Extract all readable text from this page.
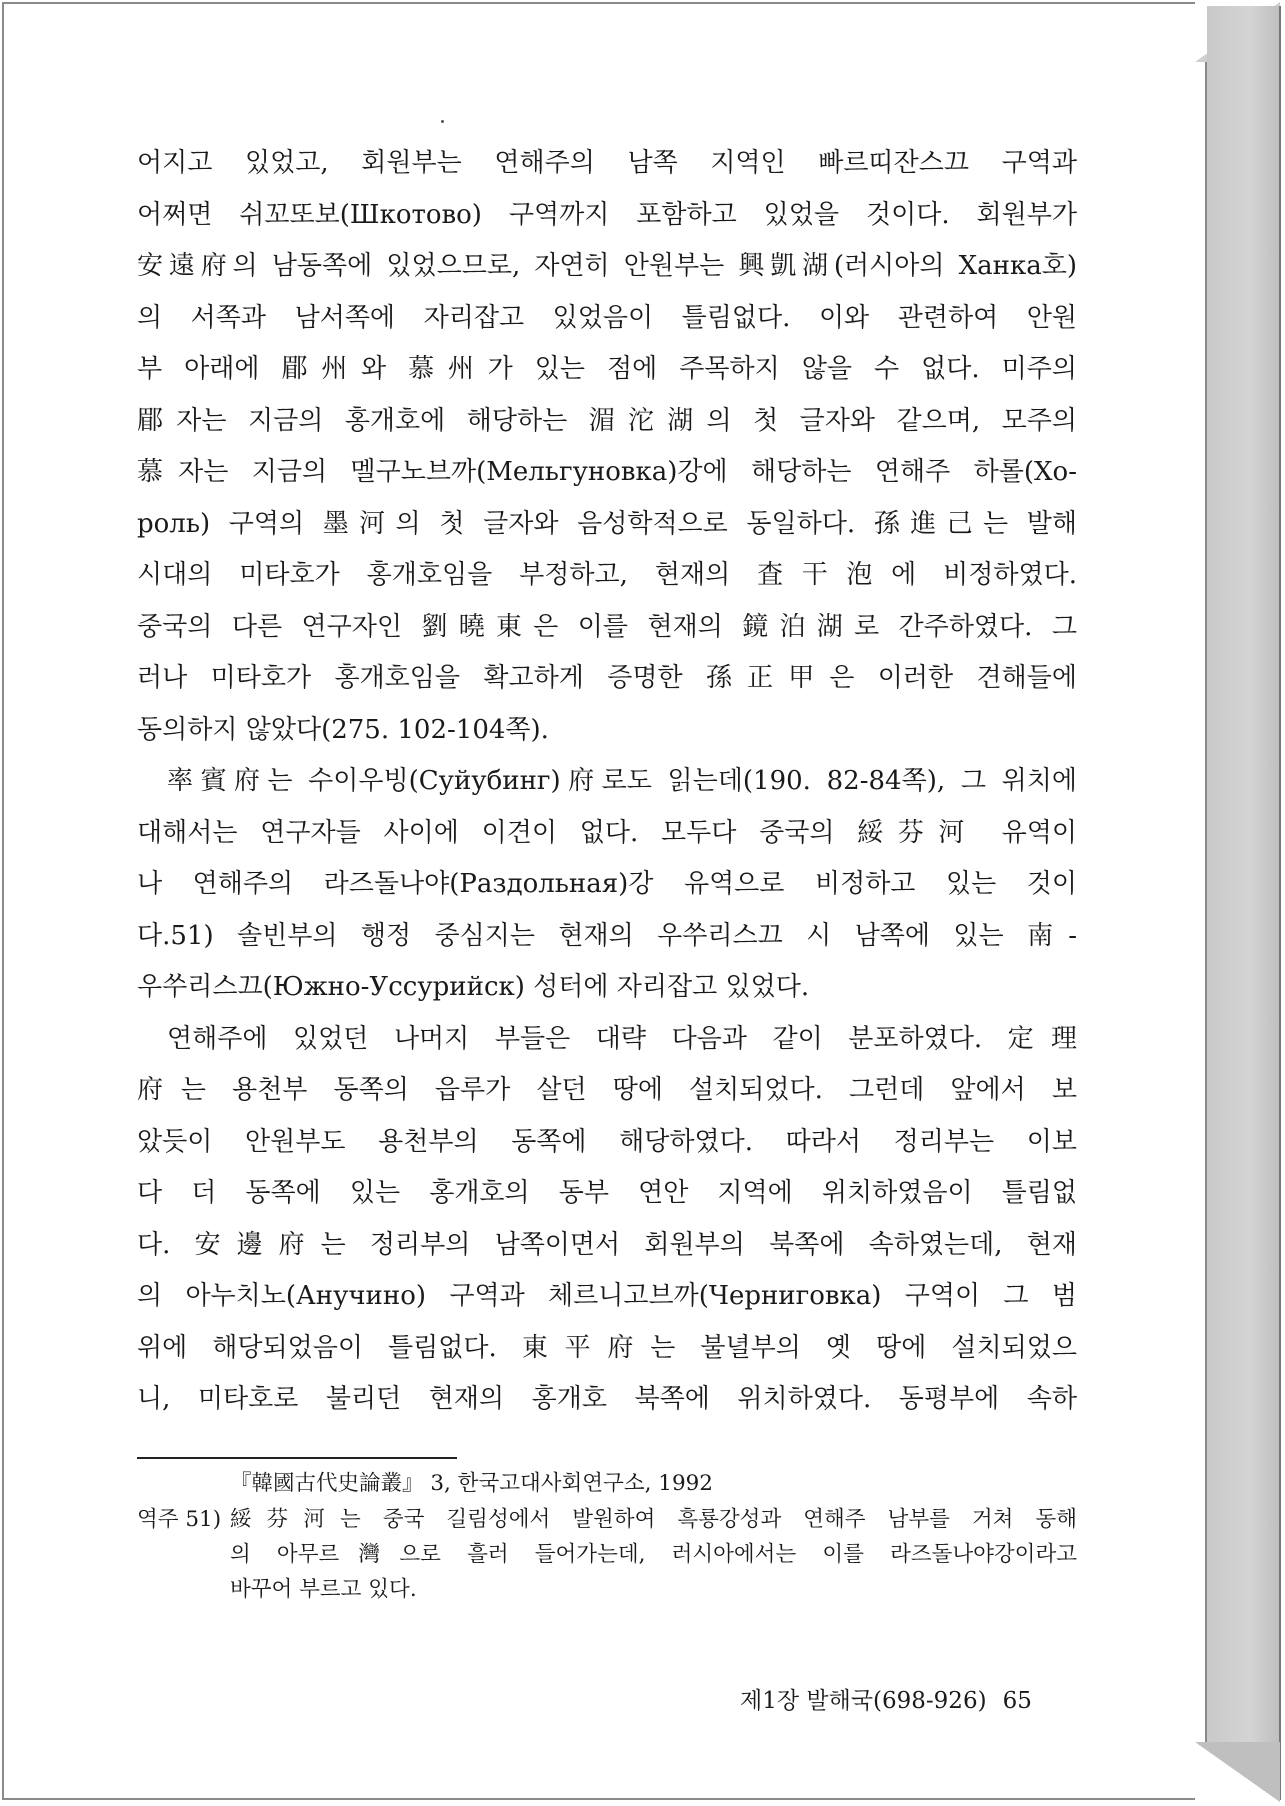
어지고 있었고, 회원부는 연해주의 남쪽 지역인 빠르띠잔스끄 구역과
어쩌면 쉬꼬또보(Шкотово) 구역까지 포함하고 있었을 것이다. 회원부가
安遠府의 남동쪽에 있었으므로, 자연히 안원부는 興凱湖(러시아의 Xанка호)
의 서쪽과 남서쪽에 자리잡고 있었음이 틀림없다. 이와 관련하여 안원
부 아래에 郿州와 慕州가 있는 점에 주목하지 않을 수 없다. 미주의
郿자는 지금의 홍개호에 해당하는 湄沱湖의 첫 글자와 같으며, 모주의
慕자는 지금의 멜구노브까(Мельгуновка)강에 해당하는 연해주 하롤(Хо-
роль) 구역의 墨河의 첫 글자와 음성학적으로 동일하다. 孫進己는 발해
시대의 미타호가 홍개호임을 부정하고, 현재의 査干泡에 비정하였다.
중국의 다른 연구자인 劉曉東은 이를 현재의 鏡泊湖로 간주하였다. 그
러나 미타호가 홍개호임을 확고하게 증명한 孫正甲은 이러한 견해들에
동의하지 않았다(275. 102-104쪽).
率賓府는 수이우빙(Суйубинг)府로도 읽는데(190. 82-84쪽), 그 위치에
대해서는 연구자들 사이에 이견이 없다. 모두다 중국의 綏芬河 유역이
나 연해주의 라즈돌나야(Раздольная)강 유역으로 비정하고 있는 것이
다.51) 솔빈부의 행정 중심지는 현재의 우쑤리스끄 시 남쪽에 있는 南-
우쑤리스끄(Южно-Уссурийск) 성터에 자리잡고 있었다.
연해주에 있었던 나머지 부들은 대략 다음과 같이 분포하였다. 定理
府는 용천부 동쪽의 읍루가 살던 땅에 설치되었다. 그런데 앞에서 보
았듯이 안원부도 용천부의 동쪽에 해당하였다. 따라서 정리부는 이보
다 더 동쪽에 있는 홍개호의 동부 연안 지역에 위치하였음이 틀림없
다. 安邊府는 정리부의 남쪽이면서 회원부의 북쪽에 속하였는데, 현재
의 아누치노(Анучино) 구역과 체르니고브까(Черниговка) 구역이 그 범
위에 해당되었음이 틀림없다. 東平府는 불녈부의 옛 땅에 설치되었으
니, 미타호로 불리던 현재의 홍개호 북쪽에 위치하였다. 동평부에 속하
『韓國古代史論叢』 3, 한국고대사회연구소, 1992
역주 51) 綏芬河는 중국 길림성에서 발원하여 흑룡강성과 연해주 남부를 거쳐 동해
의 아무르灣으로 흘러 들어가는데, 러시아에서는 이를 라즈돌나야강이라고
바꾸어 부르고 있다.
제1장 발해국(698-926) 65
